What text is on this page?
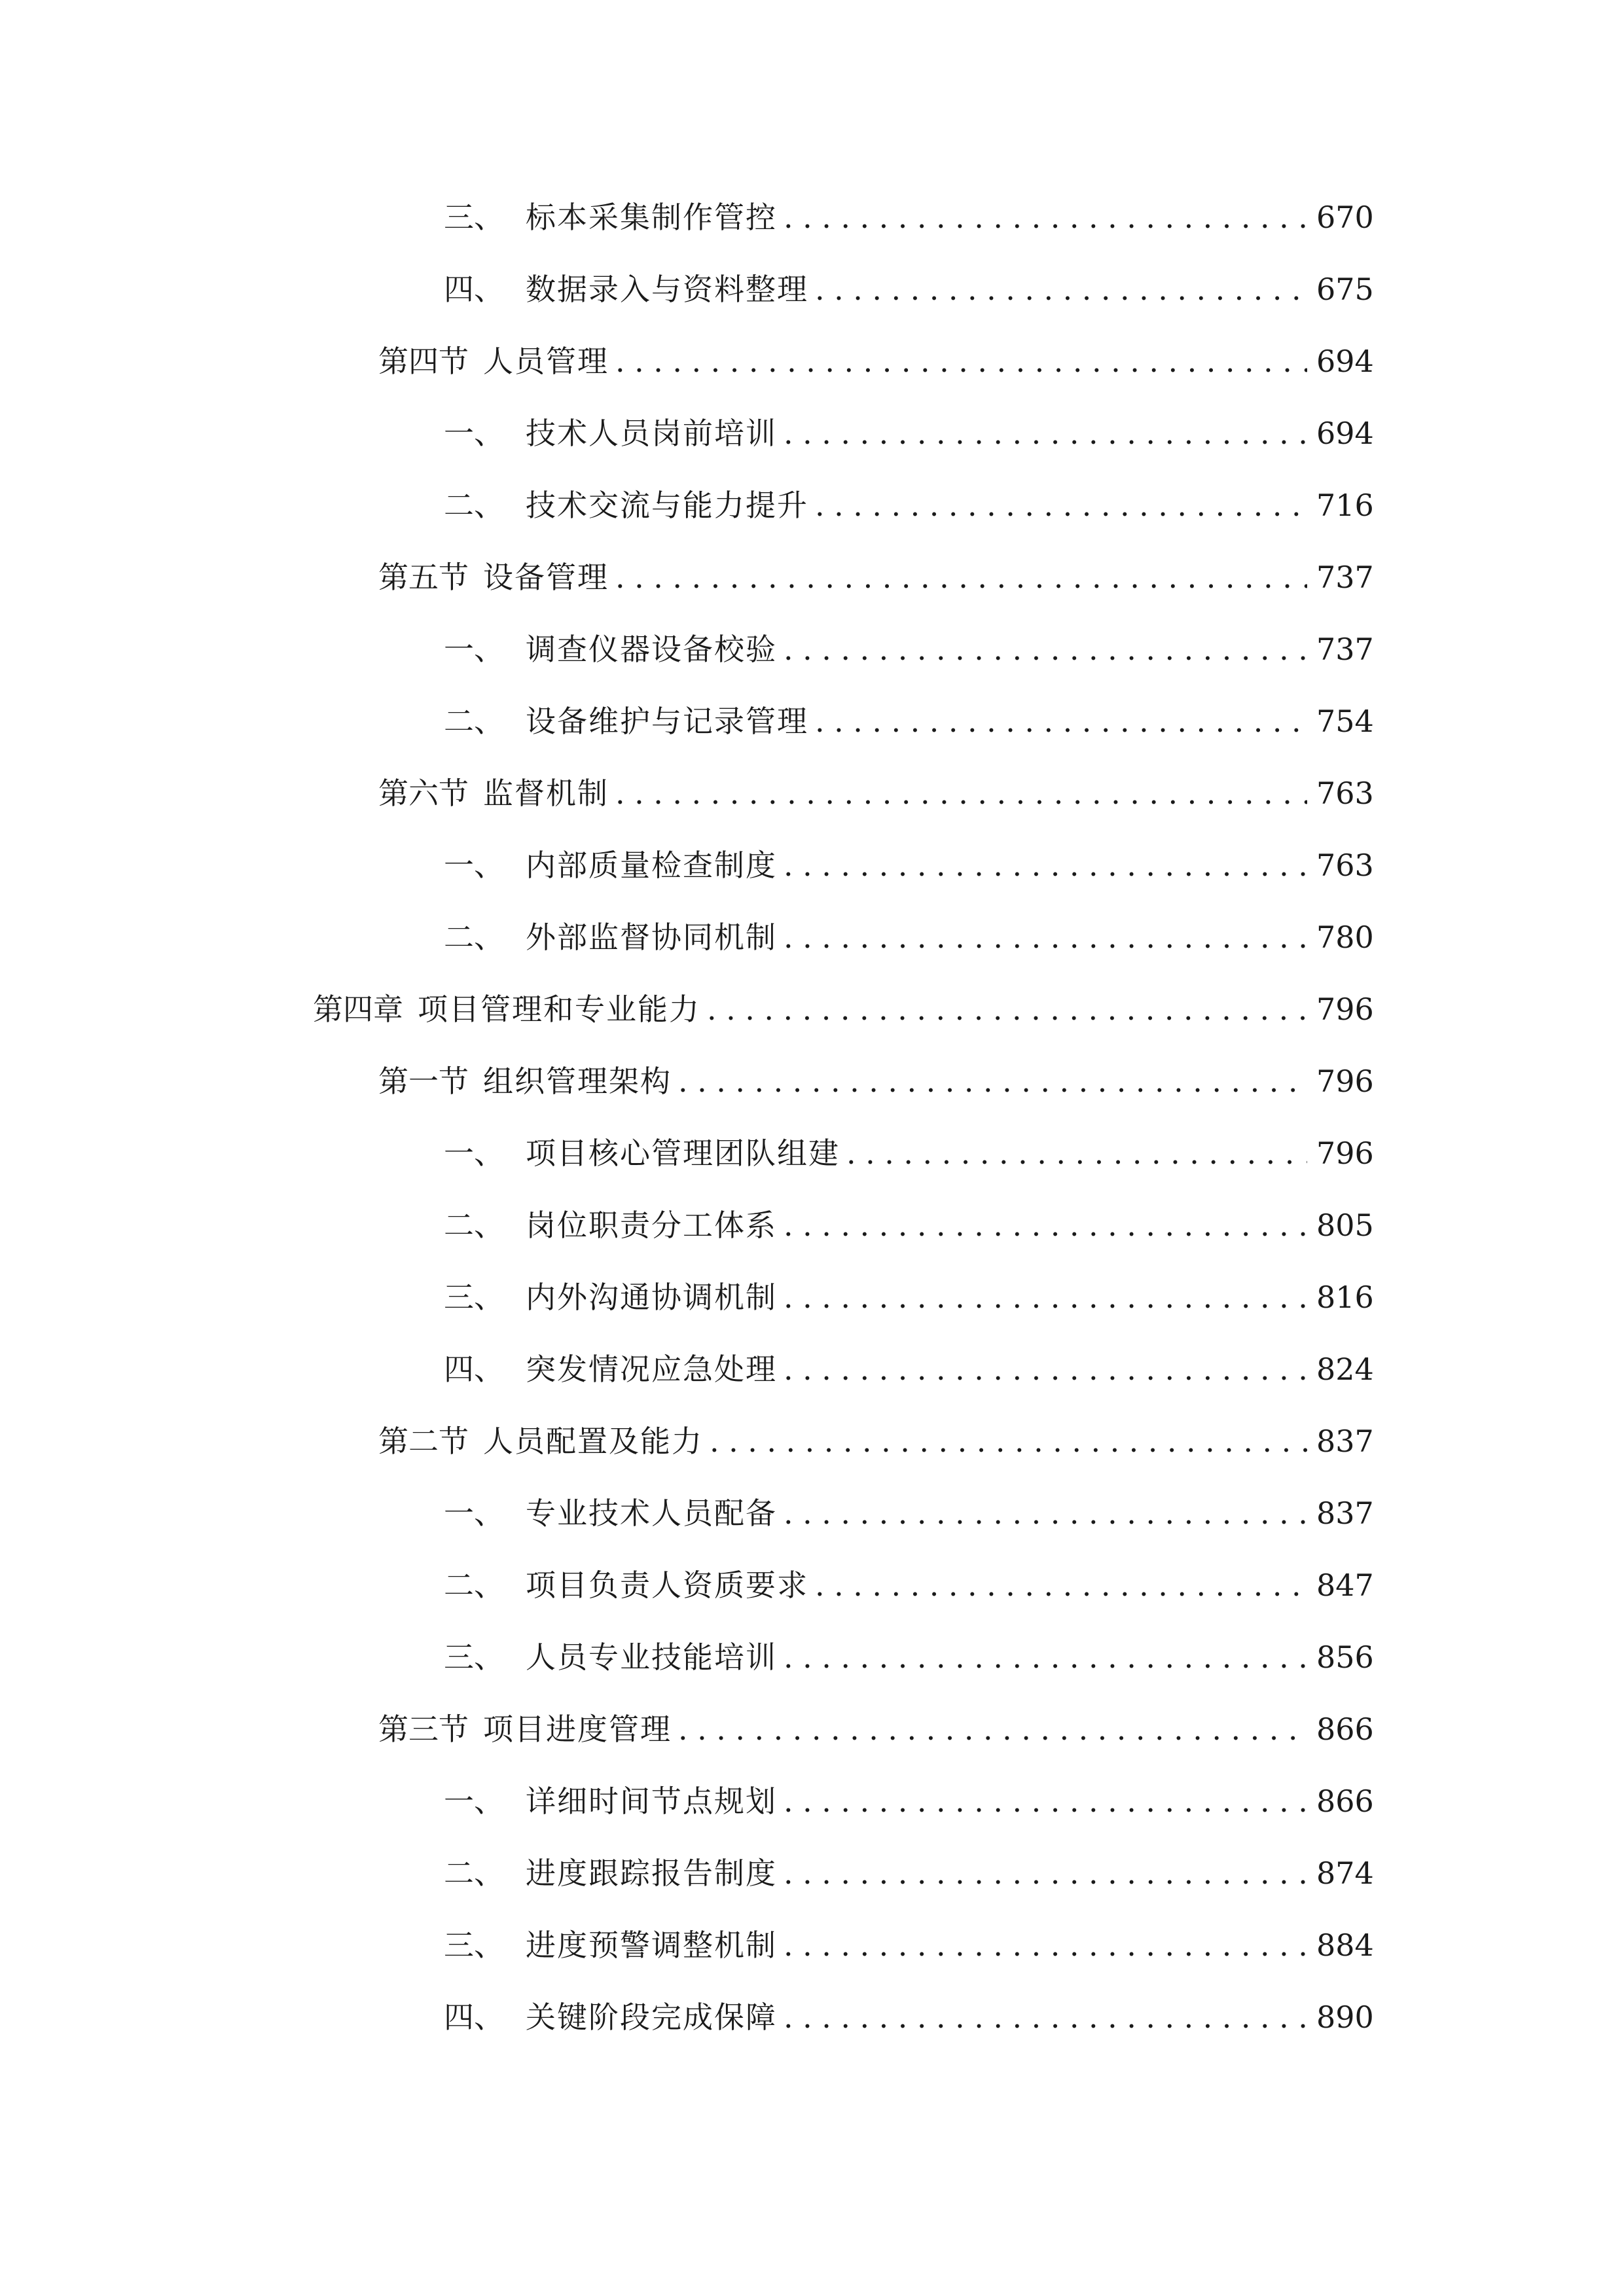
三、 标本采集制作管控 .....	670
四、 数据录入与资料整理 .....	675
第四节 人员管理 .....	694
一、 技术人员岗前培训 .....	694
二、 技术交流与能力提升 .....	716
第五节 设备管理 .....	737
一、 调查仪器设备校验 .....	737
二、 设备维护与记录管理 .....	754
第六节 监督机制 .....	763
一、 内部质量检查制度 .....	763
二、 外部监督协同机制 .....	780
第四章 项目管理和专业能力 .....	796
第一节 组织管理架构 .....	796
一、 项目核心管理团队组建 .....	796
二、 岗位职责分工体系 .....	805
三、 内外沟通协调机制 .....	816
四、 突发情况应急处理 .....	824
第二节 人员配置及能力 .....	837
一、 专业技术人员配备 .....	837
二、 项目负责人资质要求 .....	847
三、 人员专业技能培训 .....	856
第三节 项目进度管理 .....	866
一、 详细时间节点规划 .....	866
二、 进度跟踪报告制度 .....	874
三、 进度预警调整机制 .....	884
四、 关键阶段完成保障 .....	890
